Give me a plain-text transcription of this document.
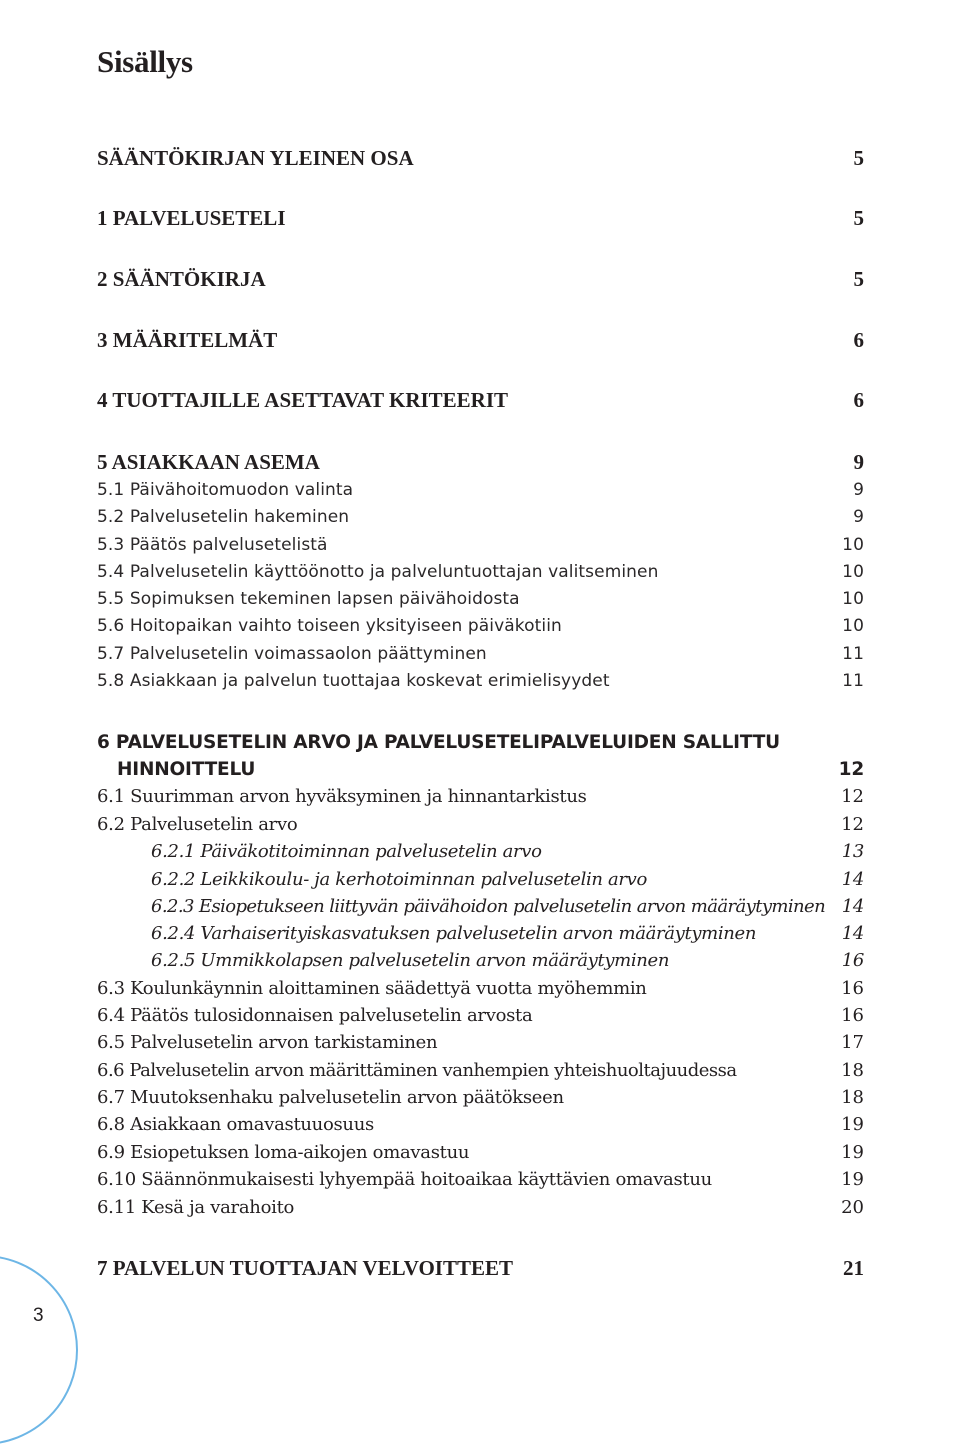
Sisällys
SÄÄNTÖKIRJAN YLEINEN OSA	5
1 PALVELUSETELI	5
2 SÄÄNTÖKIRJA	5
3 MÄÄRITELMÄT	6
4 TUOTTAJILLE ASETTAVAT KRITEERIT	6
5 ASIAKKAAN ASEMA	9
5.1 Päivähoitomuodon valinta	9
5.2 Palvelusetelin hakeminen	9
5.3 Päätös palvelusetelistä	10
5.4 Palvelusetelin käyttöönotto ja palveluntuottajan valitseminen	10
5.5 Sopimuksen tekeminen lapsen päivähoidosta	10
5.6 Hoitopaikan vaihto toiseen yksityiseen päiväkotiin	10
5.7 Palvelusetelin voimassaolon päättyminen	11
5.8 Asiakkaan ja palvelun tuottajaa koskevat erimielisyydet	11
6 PALVELUSETELIN ARVO JA PALVELUSETELIPALVELUIDEN SALLITTU
HINNOITTELU	12
6.1 Suurimman arvon hyväksyminen ja hinnantarkistus	12
6.2 Palvelusetelin arvo	12
6.2.1 Päiväkotitoiminnan palvelusetelin arvo	13
6.2.2 Leikkikoulu- ja kerhotoiminnan palvelusetelin arvo	14
6.2.3 Esiopetukseen liittyvän päivähoidon palvelusetelin arvon määräytyminen 14
6.2.4 Varhaiserityiskasvatuksen palvelusetelin arvon määräytyminen	14
6.2.5 Ummikkolapsen palvelusetelin arvon määräytyminen	16
6.3 Koulunkäynnin aloittaminen säädettyä vuotta myöhemmin	16
6.4 Päätös tulosidonnaisen palvelusetelin arvosta	16
6.5 Palvelusetelin arvon tarkistaminen	17
6.6 Palvelusetelin arvon määrittäminen vanhempien yhteishuoltajuudessa	18
6.7 Muutoksenhaku palvelusetelin arvon päätökseen	18
6.8 Asiakkaan omavastuuosuus	19
6.9 Esiopetuksen loma-aikojen omavastuu	19
6.10 Säännönmukaisesti lyhyempää hoitoaikaa käyttävien omavastuu	19
6.11 Kesä ja varahoito	20
7 PALVELUN TUOTTAJAN VELVOITTEET	21
3
